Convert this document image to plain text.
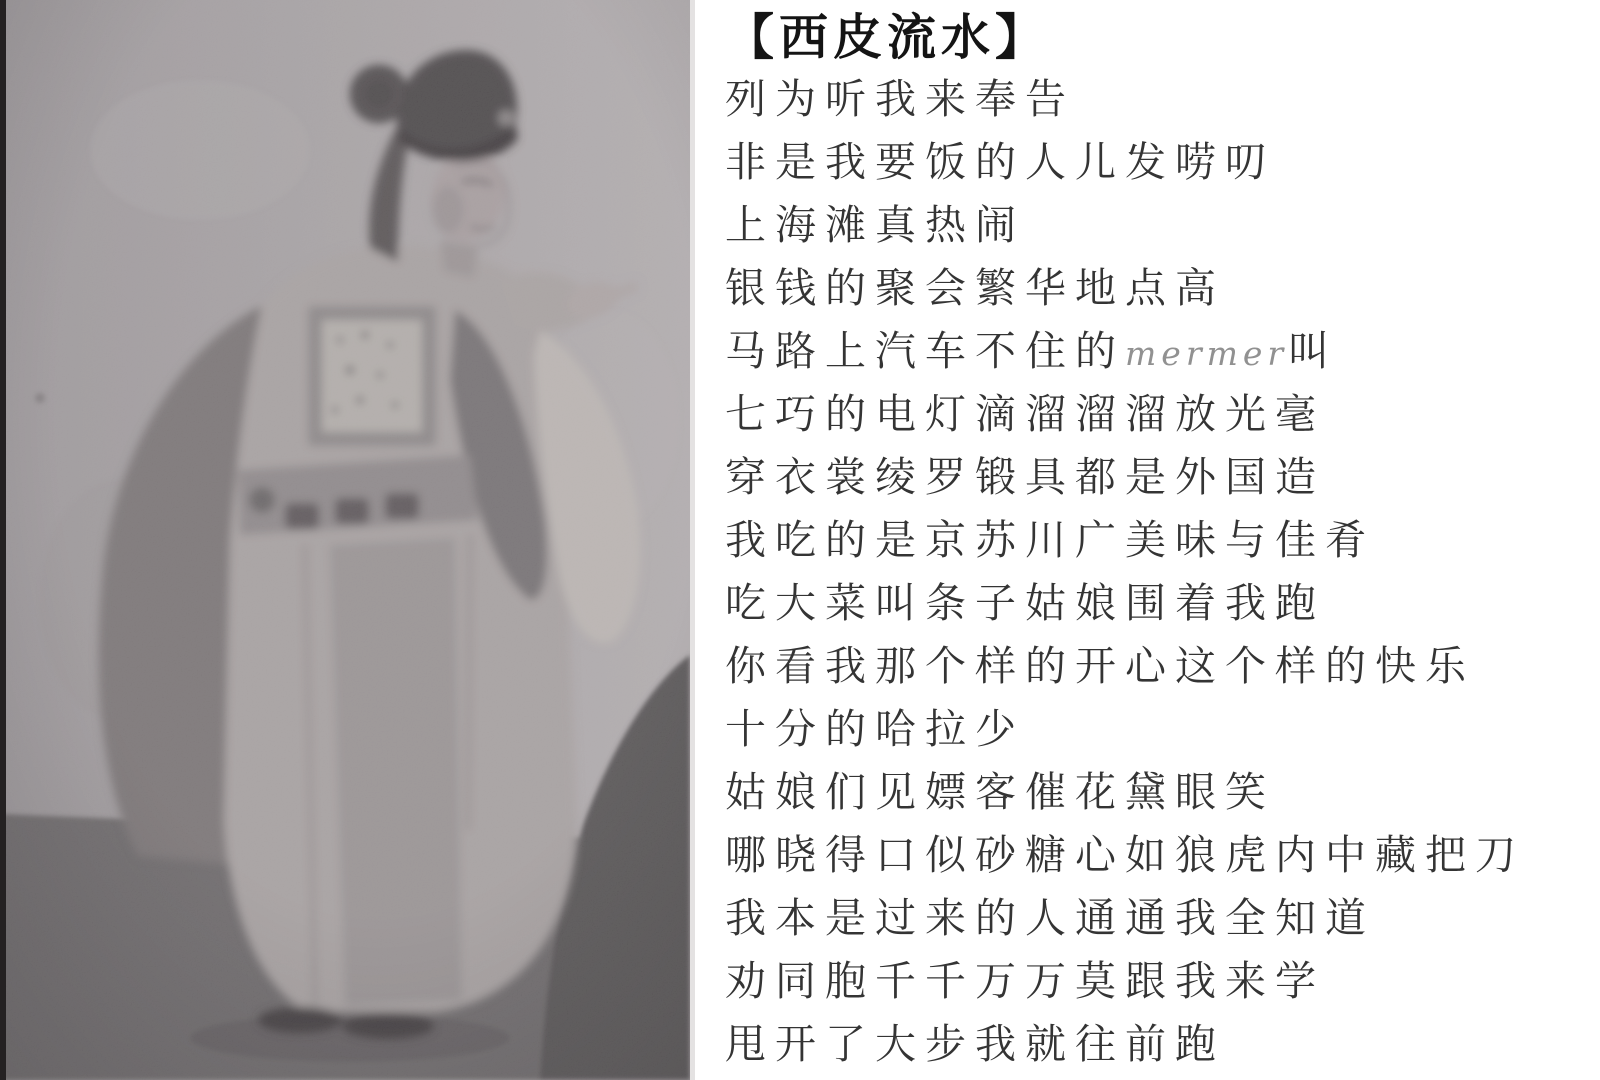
【西皮流水】
列为听我来奉告
非是我要饭的人儿发唠叨
上海滩真热闹
银钱的聚会繁华地点高
马路上汽车不住的mermer叫
七巧的电灯滴溜溜溜放光毫
穿衣裳绫罗锻具都是外国造
我吃的是京苏川广美味与佳肴
吃大菜叫条子姑娘围着我跑
你看我那个样的开心这个样的快乐
十分的哈拉少
姑娘们见嫖客催花黛眼笑
哪晓得口似砂糖心如狼虎内中藏把刀
我本是过来的人通通我全知道
劝同胞千千万万莫跟我来学
甩开了大步我就往前跑
